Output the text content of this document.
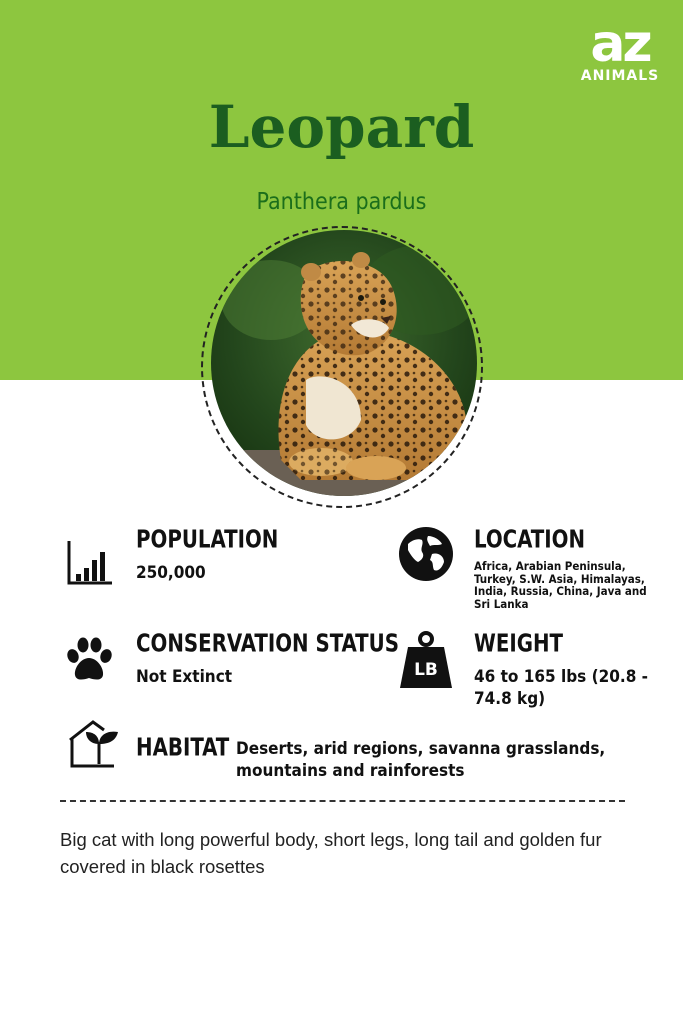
az
ANIMALS
Leopard
Panthera pardus
POPULATION
250,000
LOCATION
Africa, Arabian Peninsula, Turkey, S.W. Asia, Himalayas, India, Russia, China, Java and Sri Lanka
CONSERVATION STATUS
Not Extinct	LB
WEIGHT
46 to 165 lbs (20.8 - 74.8 kg)
HABITAT Deserts, arid regions, savanna grasslands, mountains and rainforests
Big cat with long powerful body, short legs, long tail and golden fur covered in black rosettes
